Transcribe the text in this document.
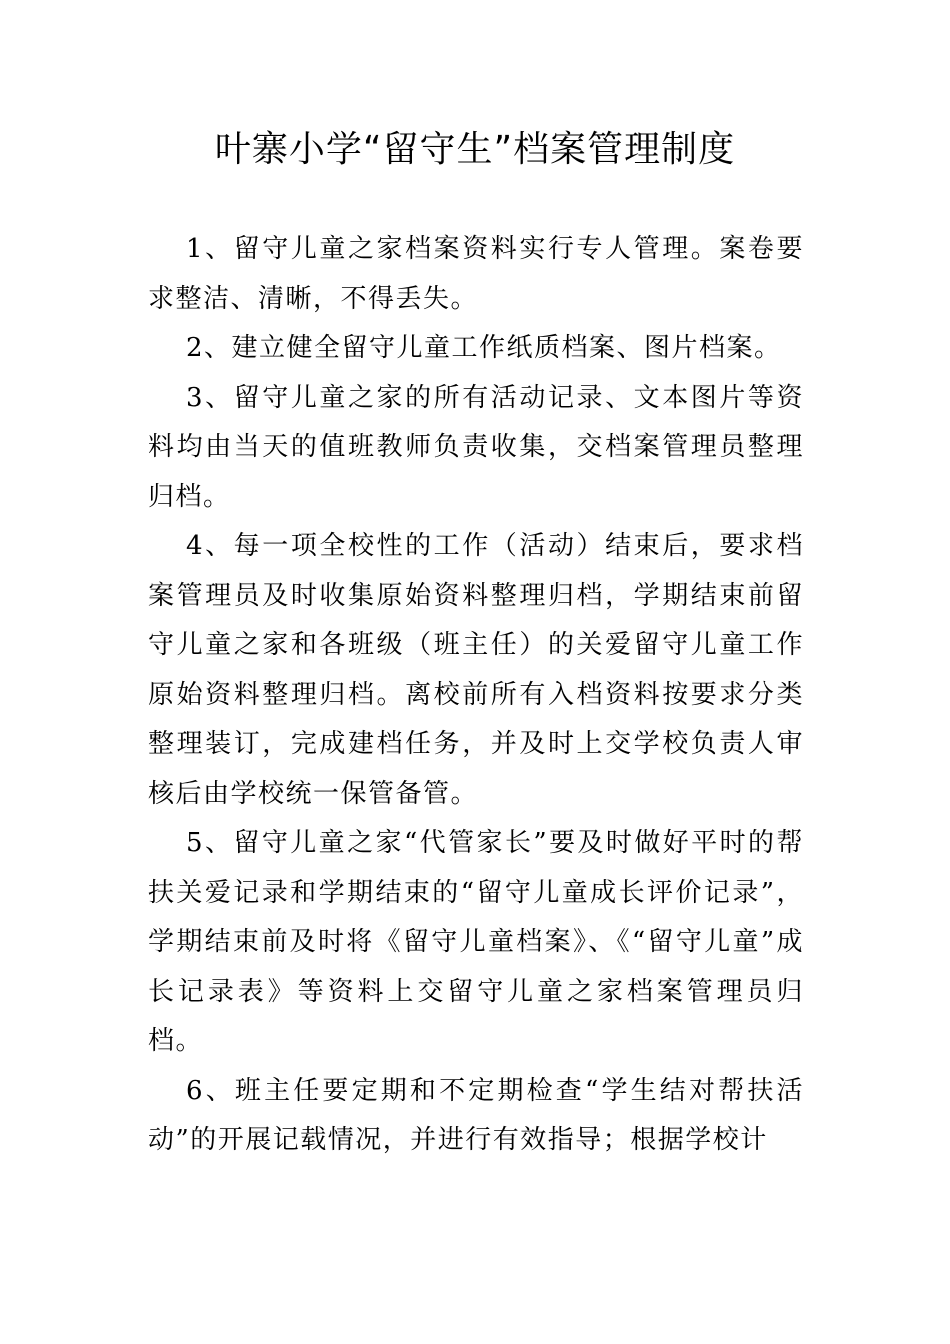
叶寨小学“留守生”档案管理制度

1、留守儿童之家档案资料实行专人管理。案卷要求整洁、清晰，不得丢失。

2、建立健全留守儿童工作纸质档案、图片档案。

3、留守儿童之家的所有活动记录、文本图片等资料均由当天的值班教师负责收集，交档案管理员整理归档。

4、每一项全校性的工作（活动）结束后，要求档案管理员及时收集原始资料整理归档，学期结束前留守儿童之家和各班级（班主任）的关爱留守儿童工作原始资料整理归档。离校前所有入档资料按要求分类整理装订，完成建档任务，并及时上交学校负责人审核后由学校统一保管备管。

5、留守儿童之家“代管家长”要及时做好平时的帮扶关爱记录和学期结束的“留守儿童成长评价记录”，学期结束前及时将《留守儿童档案》、《“留守儿童”成长记录表》等资料上交留守儿童之家档案管理员归档。

6、班主任要定期和不定期检查“学生结对帮扶活动”的开展记载情况，并进行有效指导；根据学校计
